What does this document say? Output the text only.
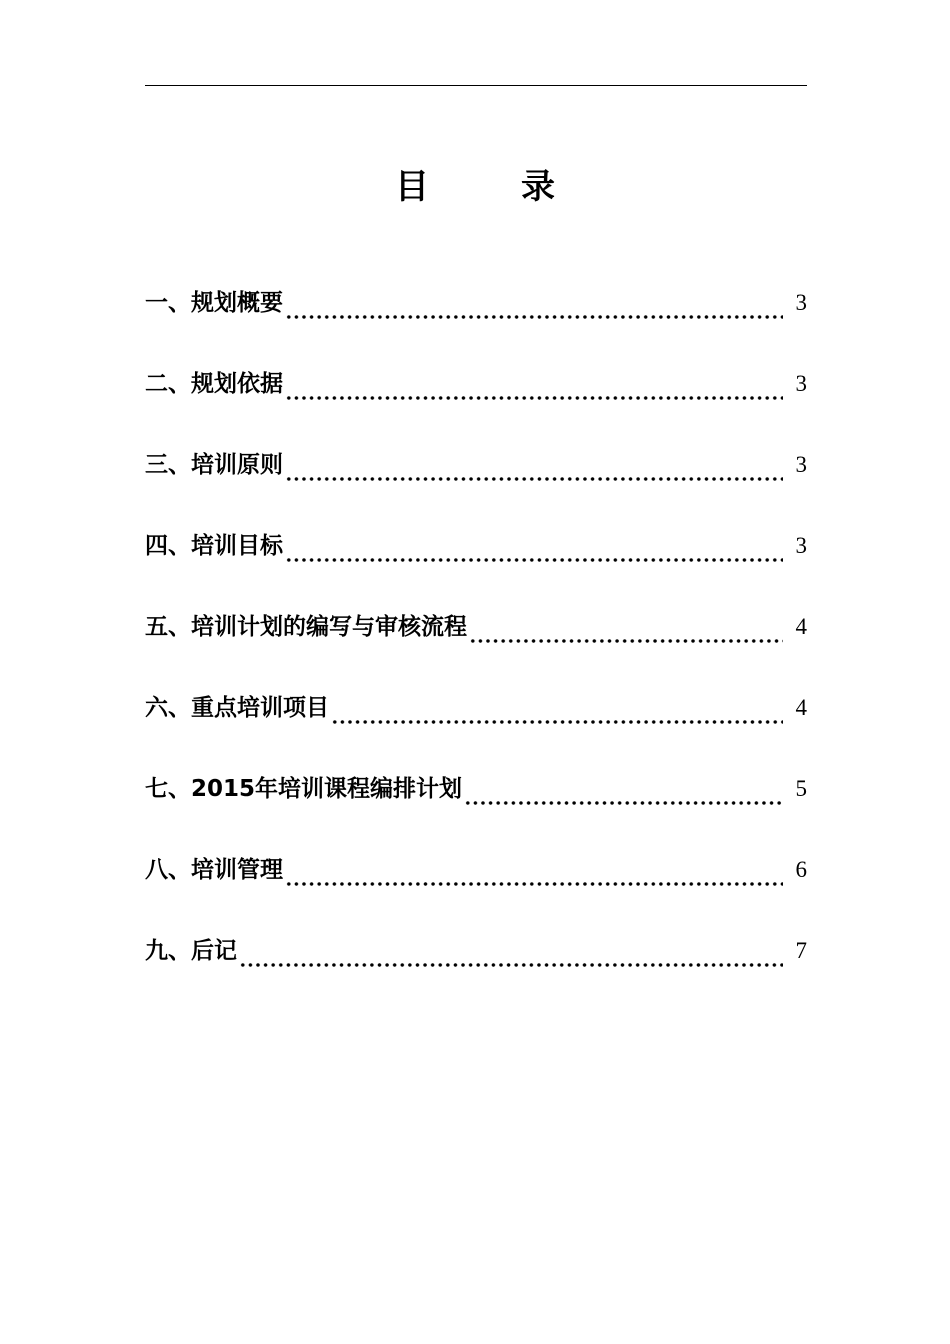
目	录
一、规划概要	3
二、规划依据	3
三、培训原则	3
四、培训目标	3
五、培训计划的编写与审核流程	4
六、重点培训项目	4
七、2015年培训课程编排计划	5
八、培训管理	6
九、后记	7
